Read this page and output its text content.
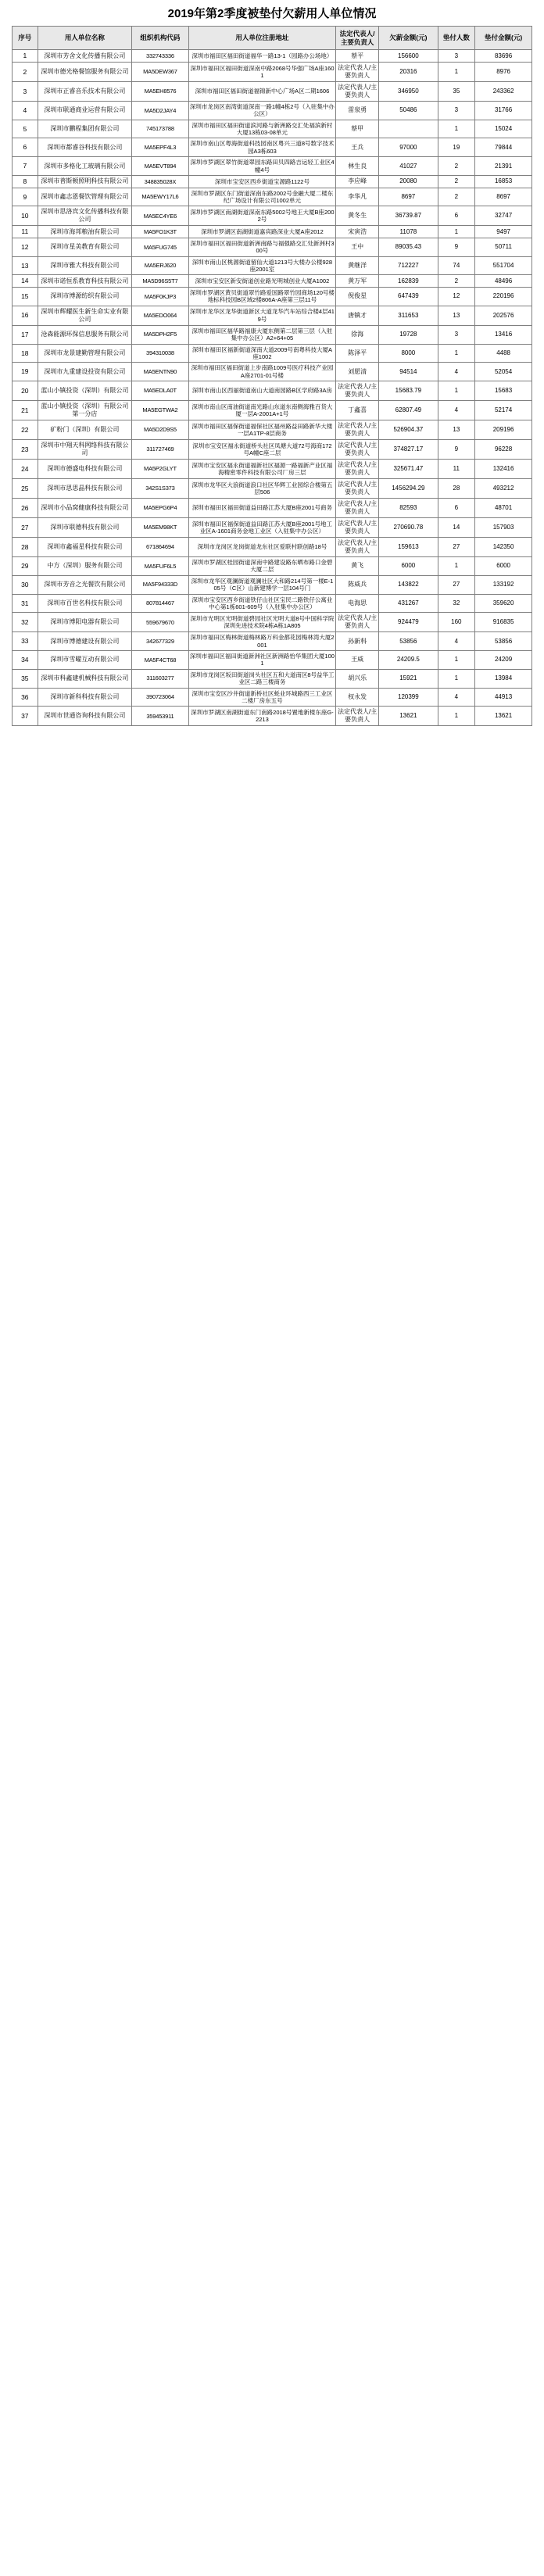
2019年第2季度被垫付欠薪用人单位情况
序号	用人单位名称	组织机构代码	用人单位注册地址	法定代表人/主要负责人	欠薪金额(元)	垫付人数	垫付金额(元)
1	深圳市芳舍文化传播有限公司	332743336	深圳市福田区福田街道福华一路13-1（园路办公场地）	蔡平	156600	3	83696
2	深圳市德光格餐馆服务有限公司	MA5DEW367	深圳市福田区福田街道深南中路2068号华强广场A座1601	法定代表人/主要负责人	20316	1	8976
3	深圳市正睿音乐技术有限公司	MA5EH8576	深圳市福田区福田街道福锦新中心广场A区二期1606	法定代表人/主要负责人	346950	35	243362
4	深圳市联通商业运营有限公司	MA5D2JAY4	深圳市龙岗区南湾街道深南一路1幢4栋2号（入驻集中办公区）	雷泉勇	50486	3	31766
5	深圳市鹏程集团有限公司	745173788	深圳市福田区福田街道滨河路与新洲路交汇处福滨新村大厦13栋03-08单元	蔡甲		1	15024
6	深圳市都睿谷科技有限公司	MA5EPF4L3	深圳市南山区粤海街道科技园南区粤兴三道8号数字技术园A3栋603	王兵	97000	19	79844
7	深圳市多格化工玻璃有限公司	MA5EVT894	深圳市罗湖区翠竹街道翠园东路田贝四路吉运轻工业区4幢4号	林生良	41027	2	21391
8	深圳市普斯顿照明科技有限公司	348835028X	深圳市宝安区西乡街道宝源路1122号	李应峰	20080	2	16853
9	深圳市鑫志恩餐饮管理有限公司	MA5EWY17L6	深圳市罗湖区东门街道深南东路2002号金融大厦二楼东纪广场设计有限公司1002单元	李华凡	8697	2	8697
10	深圳市思洛宾文化传播科技有限公司	MA5EC4YE6	深圳市罗湖区南湖街道深南东路5002号地王大厦B座2002号	黄冬生	36739.87	6	32747
11	深圳市海邦粮油有限公司	MA5FO1K3T	深圳市罗湖区南湖街道嘉宾路深业大厦A座2012	宋寅浩	11078	1	9497
12	深圳市星美教育有限公司	MA5FUG745	深圳市福田区福田街道新洲南路与福强路交汇处新洲村300号	王中	89035.43	9	50711
13	深圳市雅大科技有限公司	MA5ERJ620	深圳市南山区桃源街道留仙大道1213号大楼办公楼928座2001室	黄继洋	712227	74	551704
14	深圳市诺恒系教育科技有限公司	MA5D96S5T7	深圳市宝安区新安街道创业路光明城创业大厦A1002	黄万军	162839	2	48496
15	深圳市博源纺织有限公司	MA5F0KJP3	深圳市罗湖区黄贝街道翠竹路爱国路翠竹园商场120号楼地标科技园B区域2楼806A-A座第三层11号	倪俊星	647439	12	220196
16	深圳市辉耀医生新生命实业有限公司	MA5EDO064	深圳市龙华区龙华街道新区大道龙华汽车站综合楼4层419号	唐镇才	311653	13	202576
17	沧森能源环保信息服务有限公司	MA5DPH2F5	深圳市福田区福华路福康大厦东侧第二层第三层（入驻集中办公区）A2+64+05	徐海	19728	3	13416
18	深圳市龙景建勤管理有限公司	394310038	深圳市福田区福新街道深南大道2009号南粤科技大厦A座1002	陈泽平	8000	1	4488
19	深圳市九重建设投资有限公司	MA5ENTN90	深圳市福田区福田街道上步南路1009号医疗科技产业园A座2701-01号楼	刘愿清	94514	4	52054
20	蓝山小镇投资（深圳）有限公司	MA5EDLA0T	深圳市南山区西丽街道南山大道南园路B区学府路3A房	法定代表人/主要负责人	15683.79	1	15683
21	蓝山小镇投资（深圳）有限公司第一分店	MA5EGTWA2	深圳市南山区南油街道南光路山东道东南侧海雅百货大厦一层A-2001A+1号	丁鑫喜	62807.49	4	52174
22	矿粉门（深圳）有限公司	MA5D2D9S5	深圳市福田区福保街道福保社区福州路益田路新华大楼一层A1TP-8层商务	法定代表人/主要负责人	526904.37	13	209196
23	深圳市中翔天科网络科技有限公司	311727469	深圳市宝安区福永街道桥头社区凤塘大道72号海商172号A幢C座二层	法定代表人/主要负责人	374827.17	9	96228
24	深圳市德盛电科技有限公司	MA5P2GLYT	深圳市宝安区福永街道福新社区福源一路福新产业区福海精密零件科技有限公司厂房三层	法定代表人/主要负责人	325671.47	11	132416
25	深圳市思思晶科技有限公司	342S1S373	深圳市龙华区大浪街道浪口社区华辉工业园综合楼第五层506	法定代表人/主要负责人	1456294.29	28	493212
26	深圳市小品窝健康科技有限公司	MA5EPG6P4	深圳市福田区福田街道益田路江苏大厦B座2001号商务	法定代表人/主要负责人	82593	6	48701
27	深圳市联德科技有限公司	MA5EM98KT	深圳市福田区福保街道益田路江苏大厦B座2001号地工业区A-1601商务金地工业区（入驻集中办公区）	法定代表人/主要负责人	270690.78	14	157903
28	深圳市鑫福星科技有限公司	671864694	深圳市龙岗区龙岗街道龙东社区爱联村联创路18号	法定代表人/主要负责人	159613	27	142350
29	中方（深圳）服务有限公司	MA5FUF6L5	深圳市罗湖区桂园街道深南中路建设路东晒布路口金碧大厦二层	黄飞	6000	1	6000
30	深圳市芳音之光餐饮有限公司	MA5F94333D	深圳市龙华区观澜街道观澜社区大和路214号第一楼E-105号（C区）山新建博学一层104号门	陈威兵	143822	27	133192
31	深圳市百世名科技有限公司	807814467	深圳市宝安区西乡街道铁仔山社区宝民二路铁仔公寓业中心第1栋601-609号（入驻集中办公区）	电海思	431267	32	359620
32	深圳市博阳电器有限公司	559679670	深圳市光明区光明街道碧园社区光明大道8号中国科学院深圳先进技术院4栋A栋1A805	法定代表人/主要负责人	924479	160	916835
33	深圳市博德建设有限公司	342677329	深圳市福田区梅林街道梅林路万科金都花园梅林湾大厦2001	孙新科	53856	4	53856
34	深圳市雪曜互动有限公司	MA5F4CT68	深圳市福田区福田街道新洲社区新洲路怡华集团大厦1001	王威	24209.5	1	24209
35	深圳市科鑫建机械科技有限公司	311603277	深圳市龙岗区坂田街道岗头社区五和大道南区8号益华工业区二路三楼商务	胡兴乐	15921	1	13984
36	深圳市新科科技有限公司	390723064	深圳市宝安区沙井街道新桥社区蚝业环城路西三工业区二楼厂房东五号	权永发	120399	4	44913
37	深圳市世通咨询科技有限公司	359453911	深圳市罗湖区南湖街道东门南路2018号置地新楼东座G-2213	法定代表人/主要负责人	13621	1	13621
